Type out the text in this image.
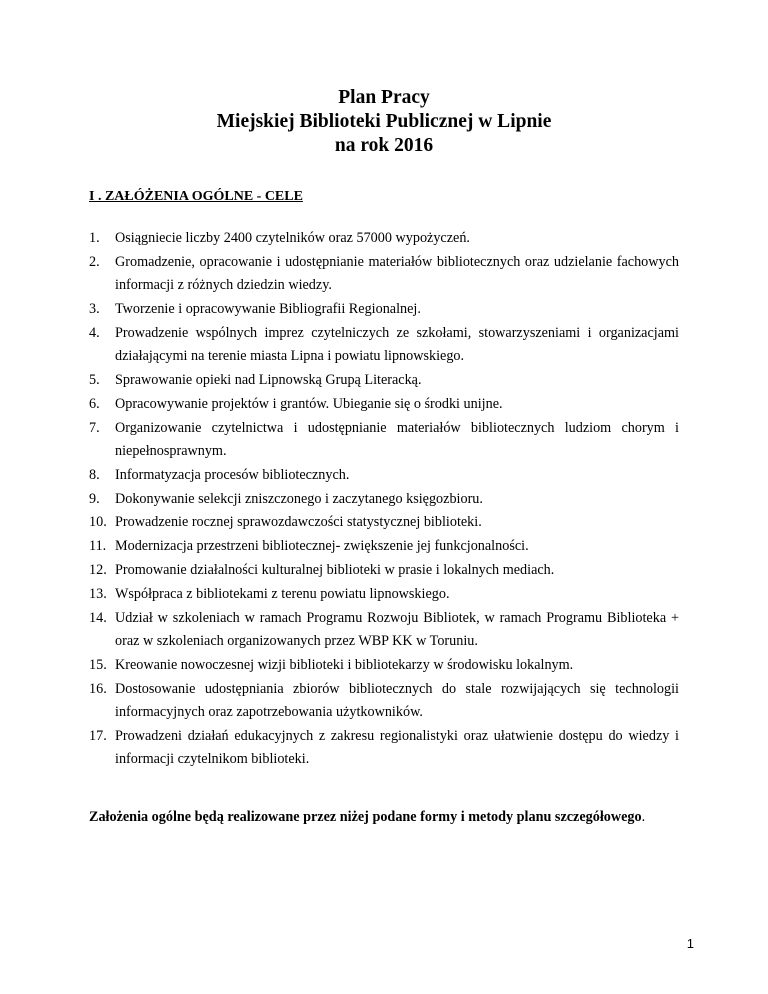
Plan Pracy
Miejskiej Biblioteki Publicznej w Lipnie
na rok 2016
I . ZAŁÓŻENIA OGÓLNE - CELE
1. Osiągniecie liczby 2400 czytelników oraz 57000 wypożyczeń.
2. Gromadzenie, opracowanie i udostępnianie materiałów bibliotecznych oraz udzielanie fachowych informacji z różnych dziedzin wiedzy.
3. Tworzenie i opracowywanie Bibliografii Regionalnej.
4. Prowadzenie wspólnych imprez czytelniczych ze szkołami, stowarzyszeniami i organizacjami działającymi na terenie miasta Lipna i powiatu lipnowskiego.
5. Sprawowanie opieki nad Lipnowską Grupą Literacką.
6. Opracowywanie projektów i grantów. Ubieganie się o środki unijne.
7. Organizowanie czytelnictwa i udostępnianie materiałów bibliotecznych ludziom chorym i niepełnosprawnym.
8. Informatyzacja procesów bibliotecznych.
9. Dokonywanie selekcji zniszczonego i zaczytanego księgozbioru.
10. Prowadzenie rocznej sprawozdawczości statystycznej biblioteki.
11. Modernizacja przestrzeni bibliotecznej- zwiększenie jej funkcjonalności.
12. Promowanie działalności kulturalnej biblioteki w prasie i lokalnych mediach.
13. Współpraca z bibliotekami z terenu powiatu lipnowskiego.
14. Udział w szkoleniach w ramach Programu Rozwoju Bibliotek, w ramach Programu Biblioteka + oraz w szkoleniach organizowanych przez WBP KK w Toruniu.
15. Kreowanie nowoczesnej wizji biblioteki i bibliotekarzy w środowisku lokalnym.
16. Dostosowanie udostępniania zbiorów bibliotecznych do stale rozwijających się technologii informacyjnych oraz zapotrzebowania użytkowników.
17. Prowadzeni działań edukacyjnych z zakresu regionalistyki oraz ułatwienie dostępu do wiedzy i informacji czytelnikom biblioteki.

Założenia ogólne będą realizowane przez niżej podane formy i metody planu szczegółowego.

1
